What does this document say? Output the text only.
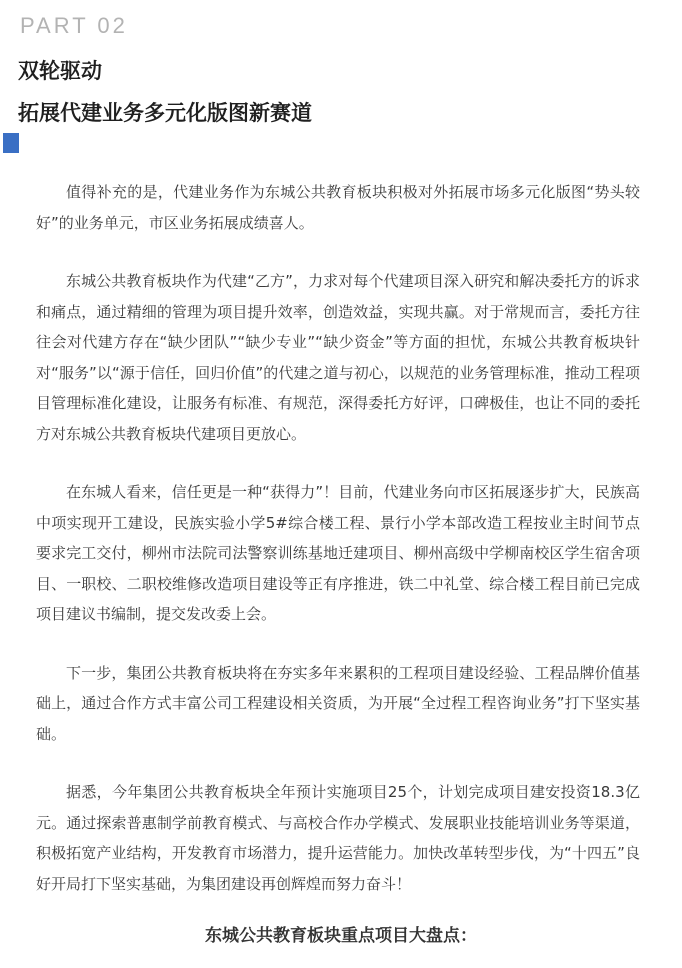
PART 02
双轮驱动
拓展代建业务多元化版图新赛道

值得补充的是，代建业务作为东城公共教育板块积极对外拓展市场多元化版图“势头较好”的业务单元，市区业务拓展成绩喜人。

东城公共教育板块作为代建“乙方”，力求对每个代建项目深入研究和解决委托方的诉求和痛点，通过精细的管理为项目提升效率，创造效益，实现共赢。对于常规而言，委托方往往会对代建方存在“缺少团队”“缺少专业”“缺少资金”等方面的担忧，东城公共教育板块针对“服务”以“源于信任，回归价值”的代建之道与初心，以规范的业务管理标准，推动工程项目管理标准化建设，让服务有标准、有规范，深得委托方好评，口碑极佳，也让不同的委托方对东城公共教育板块代建项目更放心。

在东城人看来，信任更是一种“获得力”！目前，代建业务向市区拓展逐步扩大，民族高中项实现开工建设，民族实验小学5#综合楼工程、景行小学本部改造工程按业主时间节点要求完工交付，柳州市法院司法警察训练基地迁建项目、柳州高级中学柳南校区学生宿舍项目、一职校、二职校维修改造项目建设等正有序推进，铁二中礼堂、综合楼工程目前已完成项目建议书编制，提交发改委上会。

下一步，集团公共教育板块将在夯实多年来累积的工程项目建设经验、工程品牌价值基础上，通过合作方式丰富公司工程建设相关资质，为开展“全过程工程咨询业务”打下坚实基础。

据悉，今年集团公共教育板块全年预计实施项目25个，计划完成项目建安投资18.3亿元。通过探索普惠制学前教育模式、与高校合作办学模式、发展职业技能培训业务等渠道，积极拓宽产业结构，开发教育市场潜力，提升运营能力。加快改革转型步伐，为“十四五”良好开局打下坚实基础，为集团建设再创辉煌而努力奋斗！

东城公共教育板块重点项目大盘点：
